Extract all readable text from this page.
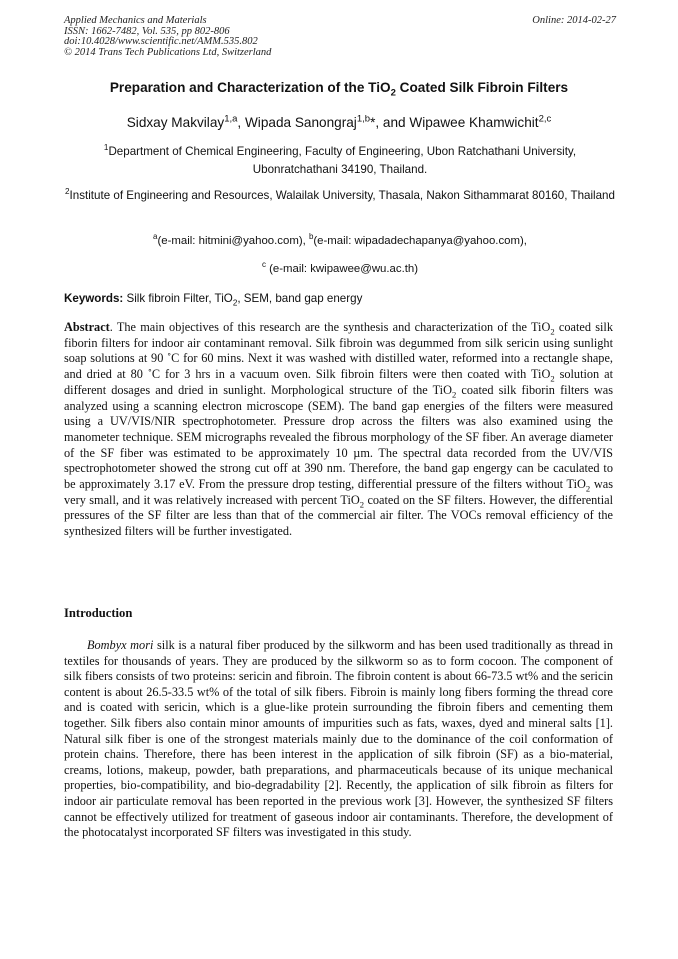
Applied Mechanics and Materials
ISSN: 1662-7482, Vol. 535, pp 802-806
doi:10.4028/www.scientific.net/AMM.535.802
© 2014 Trans Tech Publications Ltd, Switzerland
Online: 2014-02-27
Preparation and Characterization of the TiO$_2$ Coated Silk Fibroin Filters
Sidxay Makvilay$^{1,a}$, Wipada Sanongraj$^{1,b}$*, and Wipawee Khamwichit$^{2,c}$
$^1$Department of Chemical Engineering, Faculty of Engineering, Ubon Ratchathani University, Ubonratchathani 34190, Thailand.
$^2$Institute of Engineering and Resources, Walailak University, Thasala, Nakon Sithammarat 80160, Thailand
$^a$(e-mail: hitmini@yahoo.com), $^b$(e-mail: wipadadechapanya@yahoo.com),
$^c$ (e-mail: kwipawee@wu.ac.th)
Keywords: Silk fibroin Filter, TiO$_2$, SEM, band gap energy
Abstract. The main objectives of this research are the synthesis and characterization of the TiO$_2$ coated silk fiborin filters for indoor air contaminant removal. Silk fibroin was degummed from silk sericin using sunlight soap solutions at 90 ˚C for 60 mins. Next it was washed with distilled water, reformed into a rectangle shape, and dried at 80 ˚C for 3 hrs in a vacuum oven. Silk fibroin filters were then coated with TiO$_2$ solution at different dosages and dried in sunlight. Morphological structure of the TiO$_2$ coated silk fiborin filters was analyzed using a scanning electron microscope (SEM). The band gap energies of the filters were measured using a UV/VIS/NIR spectrophotometer. Pressure drop across the filters was also examined using the manometer technique. SEM micrographs revealed the fibrous morphology of the SF fiber. An average diameter of the SF fiber was estimated to be approximately 10 µm. The spectral data recorded from the UV/VIS spectrophotometer showed the strong cut off at 390 nm. Therefore, the band gap engergy can be caculated to be approximately 3.17 eV. From the pressure drop testing, differential pressure of the filters without TiO$_2$ was very small, and it was relatively increased with percent TiO$_2$ coated on the SF filters. However, the differential pressures of the SF filter are less than that of the commercial air filter. The VOCs removal efficiency of the synthesized filters will be further investigated.
Introduction
Bombyx mori silk is a natural fiber produced by the silkworm and has been used traditionally as thread in textiles for thousands of years. They are produced by the silkworm so as to form cocoon. The component of silk fibers consists of two proteins: sericin and fibroin. The fibroin content is about 66-73.5 wt% and the sericin content is about 26.5-33.5 wt% of the total of silk fibers. Fibroin is mainly long fibers forming the thread core and is coated with sericin, which is a glue-like protein surrounding the fibroin fibers and cementing them together. Silk fibers also contain minor amounts of impurities such as fats, waxes, dyed and mineral salts [1]. Natural silk fiber is one of the strongest materials mainly due to the dominance of the coil conformation of protein chains. Therefore, there has been interest in the application of silk fibroin (SF) as a bio-material, creams, lotions, makeup, powder, bath preparations, and pharmaceuticals because of its unique mechanical properties, bio-compatibility, and bio-degradability [2]. Recently, the application of silk fibroin as filters for indoor air particulate removal has been reported in the previous work [3]. However, the synthesized SF filters cannot be effectively utilized for treatment of gaseous indoor air contaminants. Therefore, the development of the photocatalyst incorporated SF filters was investigated in this study.
